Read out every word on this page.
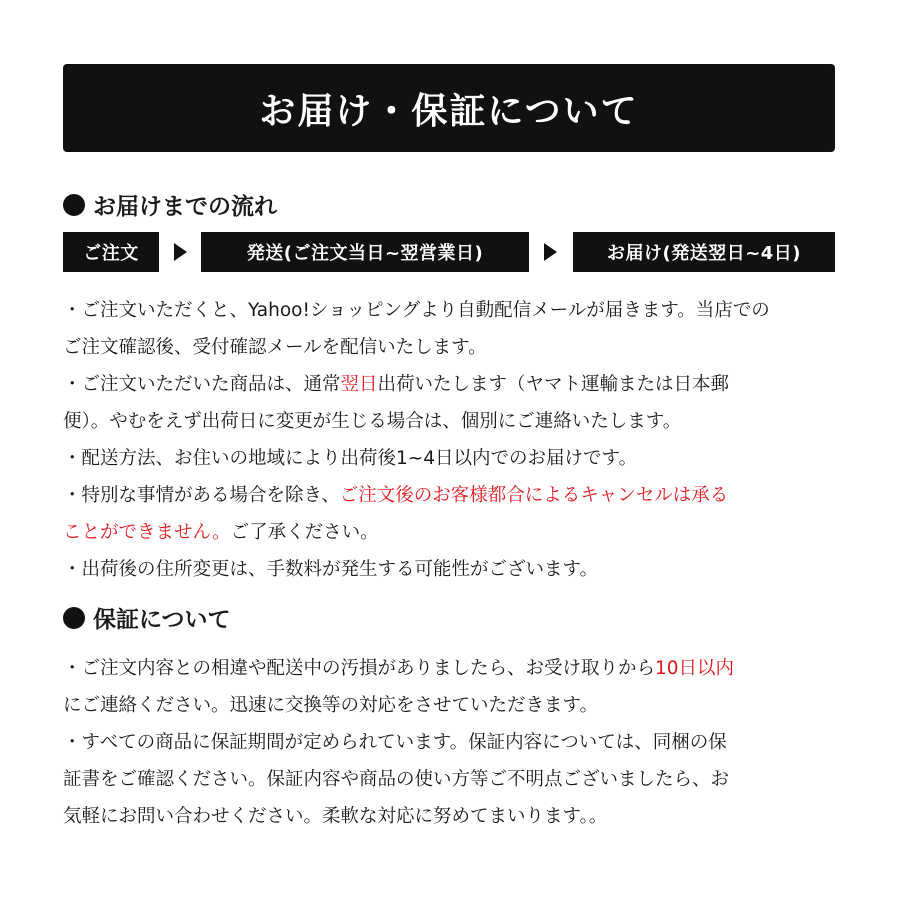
お届け・保証について
お届けまでの流れ
ご注文	発送(ご注文当日~翌営業日)	お届け(発送翌日~4日)
・ご注文いただくと、Yahoo!ショッピングより自動配信メールが届きます。当店での
ご注文確認後、受付確認メールを配信いたします。
・ご注文いただいた商品は、通常翌日出荷いたします（ヤマト運輸または日本郵
便）。やむをえず出荷日に変更が生じる場合は、個別にご連絡いたします。
・配送方法、お住いの地域により出荷後1~4日以内でのお届けです。
・特別な事情がある場合を除き、ご注文後のお客様都合によるキャンセルは承る
ことができません。ご了承ください。
・出荷後の住所変更は、手数料が発生する可能性がございます。
保証について
・ご注文内容との相違や配送中の汚損がありましたら、お受け取りから10日以内
にご連絡ください。迅速に交換等の対応をさせていただきます。
・すべての商品に保証期間が定められています。保証内容については、同梱の保
証書をご確認ください。保証内容や商品の使い方等ご不明点ございましたら、お
気軽にお問い合わせください。柔軟な対応に努めてまいります。。
